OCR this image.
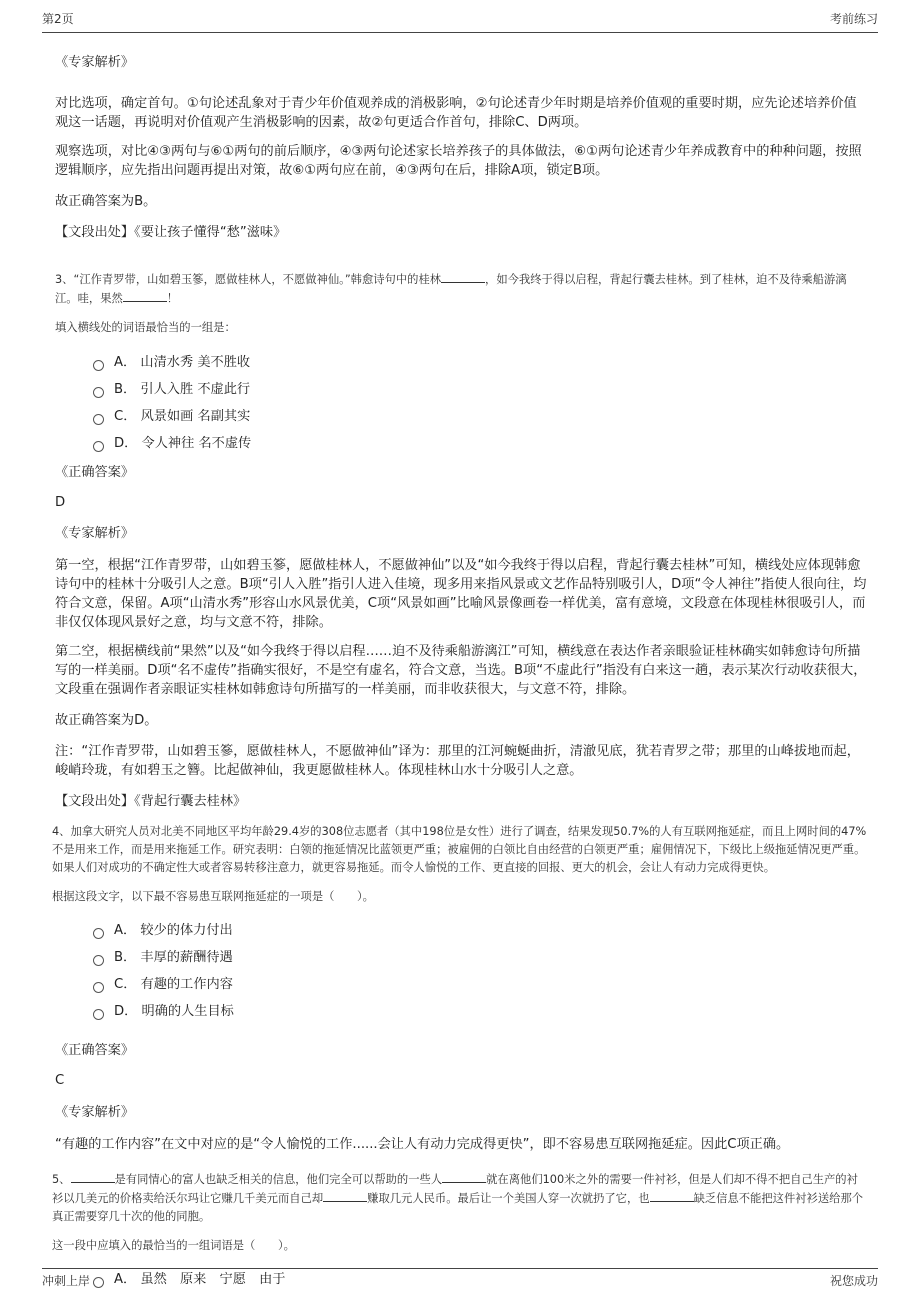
第2页	考前练习

《专家解析》

对比选项，确定首句。①句论述乱象对于青少年价值观养成的消极影响，②句论述青少年时期是培养价值观的重要时期，应先论述培养价值观这一话题，再说明对价值观产生消极影响的因素，故②句更适合作首句，排除C、D两项。

观察选项，对比④③两句与⑥①两句的前后顺序，④③两句论述家长培养孩子的具体做法，⑥①两句论述青少年养成教育中的种种问题，按照逻辑顺序，应先指出问题再提出对策，故⑥①两句应在前，④③两句在后，排除A项，锁定B项。

故正确答案为B。

【文段出处】《要让孩子懂得“愁”滋味》

3、“江作青罗带，山如碧玉篸，愿做桂林人，不愿做神仙。”韩愈诗句中的桂林	，如今我终于得以启程，背起行囊去桂林。到了桂林，迫不及待乘船游漓江。哇，果然	！

填入横线处的词语最恰当的一组是：

A． 山清水秀 美不胜收
B． 引人入胜 不虚此行
C． 风景如画 名副其实
D． 令人神往 名不虚传

《正确答案》

D

《专家解析》

第一空，根据“江作青罗带，山如碧玉篸，愿做桂林人，不愿做神仙”以及“如今我终于得以启程，背起行囊去桂林”可知，横线处应体现韩愈诗句中的桂林十分吸引人之意。B项“引人入胜”指引人进入佳境，现多用来指风景或文艺作品特别吸引人，D项“令人神往”指使人很向往，均符合文意，保留。A项“山清水秀”形容山水风景优美，C项“风景如画”比喻风景像画卷一样优美，富有意境，文段意在体现桂林很吸引人，而非仅仅体现风景好之意，均与文意不符，排除。

第二空，根据横线前“果然”以及“如今我终于得以启程……迫不及待乘船游漓江”可知，横线意在表达作者亲眼验证桂林确实如韩愈诗句所描写的一样美丽。D项“名不虚传”指确实很好，不是空有虚名，符合文意，当选。B项“不虚此行”指没有白来这一趟，表示某次行动收获很大，文段重在强调作者亲眼证实桂林如韩愈诗句所描写的一样美丽，而非收获很大，与文意不符，排除。

故正确答案为D。

注：“江作青罗带，山如碧玉篸，愿做桂林人，不愿做神仙”译为：那里的江河蜿蜒曲折，清澈见底，犹若青罗之带；那里的山峰拔地而起，峻峭玲珑，有如碧玉之簪。比起做神仙，我更愿做桂林人。体现桂林山水十分吸引人之意。

【文段出处】《背起行囊去桂林》

4、加拿大研究人员对北美不同地区平均年龄29.4岁的308位志愿者（其中198位是女性）进行了调查，结果发现50.7%的人有互联网拖延症，而且上网时间的47%不是用来工作，而是用来拖延工作。研究表明：白领的拖延情况比蓝领更严重；被雇佣的白领比自由经营的白领更严重；雇佣情况下，下级比上级拖延情况更严重。如果人们对成功的不确定性大或者容易转移注意力，就更容易拖延。而令人愉悦的工作、更直接的回报、更大的机会，会让人有动力完成得更快。

根据这段文字，以下最不容易患互联网拖延症的一项是（　　）。

A． 较少的体力付出
B． 丰厚的薪酬待遇
C． 有趣的工作内容
D． 明确的人生目标

《正确答案》

C

《专家解析》

“有趣的工作内容”在文中对应的是“令人愉悦的工作......会让人有动力完成得更快”，即不容易患互联网拖延症。因此C项正确。

5、	是有同情心的富人也缺乏相关的信息，他们完全可以帮助的一些人	就在离他们100米之外的需要一件衬衫，但是人们却不得不把自己生产的衬衫以几美元的价格卖给沃尔玛让它赚几千美元而自己却	赚取几元人民币。最后让一个美国人穿一次就扔了它，也	缺乏信息不能把这件衬衫送给那个真正需要穿几十次的他的同胞。

这一段中应填入的最恰当的一组词语是（　　）。

A． 虽然　原来　宁愿　由于
冲刺上岸	祝您成功
